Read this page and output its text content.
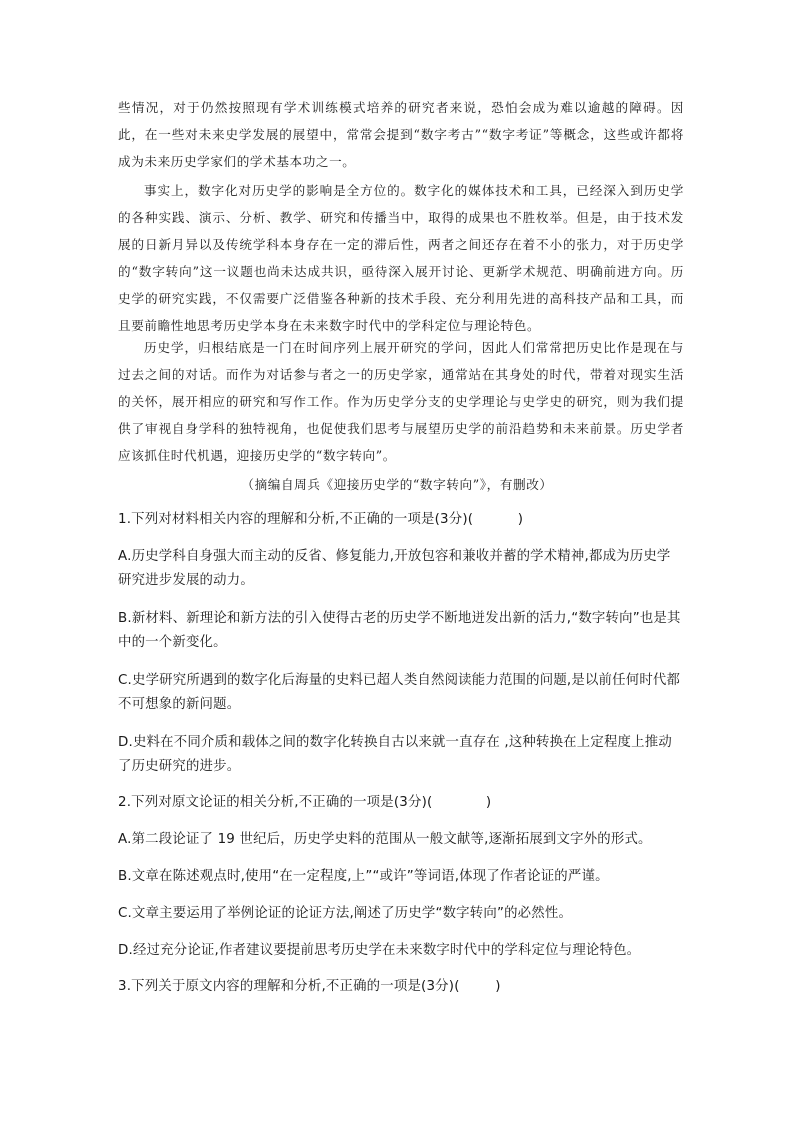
些情况，对于仍然按照现有学术训练模式培养的研究者来说，恐怕会成为难以逾越的障碍。因此，在一些对未来史学发展的展望中，常常会提到“数字考古”“数字考证”等概念，这些或许都将成为未来历史学家们的学术基本功之一。

事实上，数字化对历史学的影响是全方位的。数字化的媒体技术和工具，已经深入到历史学的各种实践、演示、分析、教学、研究和传播当中，取得的成果也不胜枚举。但是，由于技术发展的日新月异以及传统学科本身存在一定的滞后性，两者之间还存在着不小的张力，对于历史学的“数字转向”这一议题也尚未达成共识，亟待深入展开讨论、更新学术规范、明确前进方向。历史学的研究实践，不仅需要广泛借鉴各种新的技术手段、充分利用先进的高科技产品和工具，而且要前瞻性地思考历史学本身在未来数字时代中的学科定位与理论特色。

历史学，归根结底是一门在时间序列上展开研究的学问，因此人们常常把历史比作是现在与过去之间的对话。而作为对话参与者之一的历史学家，通常站在其身处的时代，带着对现实生活的关怀，展开相应的研究和写作工作。作为历史学分支的史学理论与史学史的研究，则为我们提供了审视自身学科的独特视角，也促使我们思考与展望历史学的前沿趋势和未来前景。历史学者应该抓住时代机遇，迎接历史学的“数字转向”。

（摘编自周兵《迎接历史学的“数字转向”》，有删改）

1.下列对材料相关内容的理解和分析,不正确的一项是(3分)(	)

A.历史学科自身强大而主动的反省、修复能力,开放包容和兼收并蓄的学术精神,都成为历史学研究进步发展的动力。

B.新材料、新理论和新方法的引入使得古老的历史学不断地迸发出新的活力,“数字转向”也是其中的一个新变化。

C.史学研究所遇到的数字化后海量的史料已超人类自然阅读能力范围的问题,是以前任何时代都不可想象的新问题。

D.史料在不同介质和载体之间的数字化转换自古以来就一直存在 ,这种转换在上定程度上推动了历史研究的进步。

2.下列对原文论证的相关分析,不正确的一项是(3分)(	)

A.第二段论证了 19 世纪后，历史学史料的范围从一般文献等,逐渐拓展到文字外的形式。

B.文章在陈述观点时,使用“在一定程度,上”“或许”等词语,体现了作者论证的严谨。

C.文章主要运用了举例论证的论证方法,阐述了历史学“数字转向”的必然性。

D.经过充分论证,作者建议要提前思考历史学在未来数字时代中的学科定位与理论特色。

3.下列关于原文内容的理解和分析,不正确的一项是(3分)(	)
